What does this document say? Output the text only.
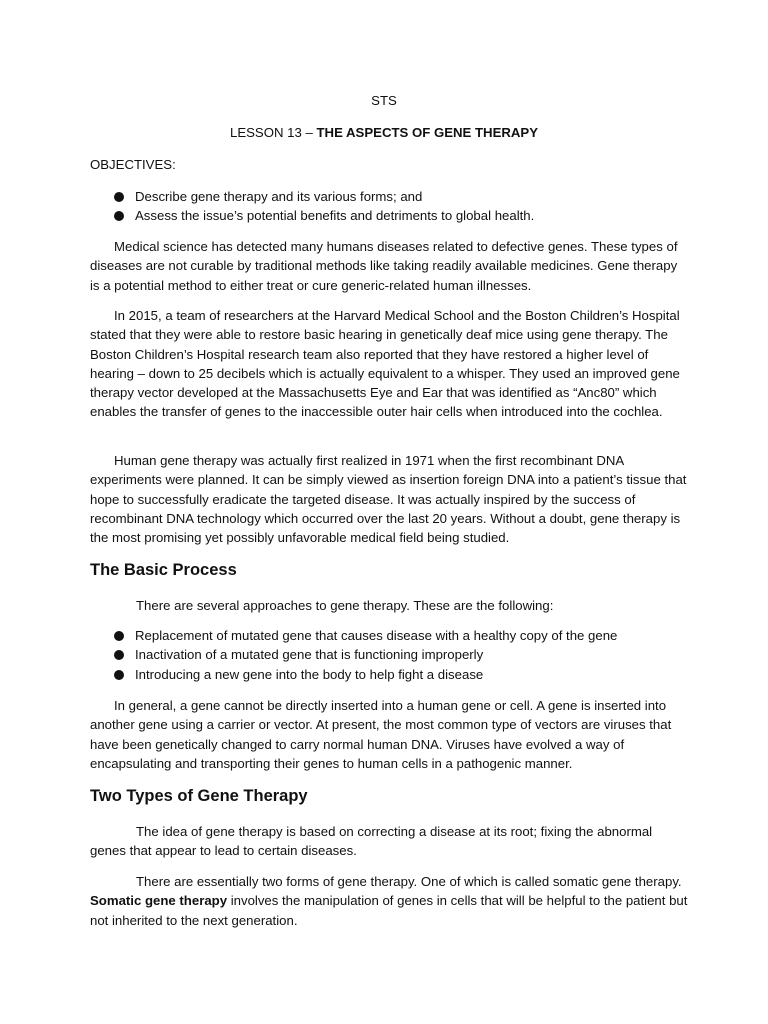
STS
LESSON 13 – THE ASPECTS OF GENE THERAPY
OBJECTIVES:
Describe gene therapy and its various forms; and
Assess the issue’s potential benefits and detriments to global health.

Medical science has detected many humans diseases related to defective genes. These types of diseases are not curable by traditional methods like taking readily available medicines. Gene therapy is a potential method to either treat or cure generic-related human illnesses.

In 2015, a team of researchers at the Harvard Medical School and the Boston Children’s Hospital stated that they were able to restore basic hearing in genetically deaf mice using gene therapy. The Boston Children’s Hospital research team also reported that they have restored a higher level of hearing – down to 25 decibels which is actually equivalent to a whisper. They used an improved gene therapy vector developed at the Massachusetts Eye and Ear that was identified as “Anc80” which enables the transfer of genes to the inaccessible outer hair cells when introduced into the cochlea.

Human gene therapy was actually first realized in 1971 when the first recombinant DNA experiments were planned. It can be simply viewed as insertion foreign DNA into a patient’s tissue that hope to successfully eradicate the targeted disease. It was actually inspired by the success of recombinant DNA technology which occurred over the last 20 years. Without a doubt, gene therapy is the most promising yet possibly unfavorable medical field being studied.

The Basic Process

There are several approaches to gene therapy. These are the following:

Replacement of mutated gene that causes disease with a healthy copy of the gene
Inactivation of a mutated gene that is functioning improperly
Introducing a new gene into the body to help fight a disease

In general, a gene cannot be directly inserted into a human gene or cell. A gene is inserted into another gene using a carrier or vector. At present, the most common type of vectors are viruses that have been genetically changed to carry normal human DNA. Viruses have evolved a way of encapsulating and transporting their genes to human cells in a pathogenic manner.

Two Types of Gene Therapy

The idea of gene therapy is based on correcting a disease at its root; fixing the abnormal genes that appear to lead to certain diseases.

There are essentially two forms of gene therapy. One of which is called somatic gene therapy. Somatic gene therapy involves the manipulation of genes in cells that will be helpful to the patient but not inherited to the next generation.
